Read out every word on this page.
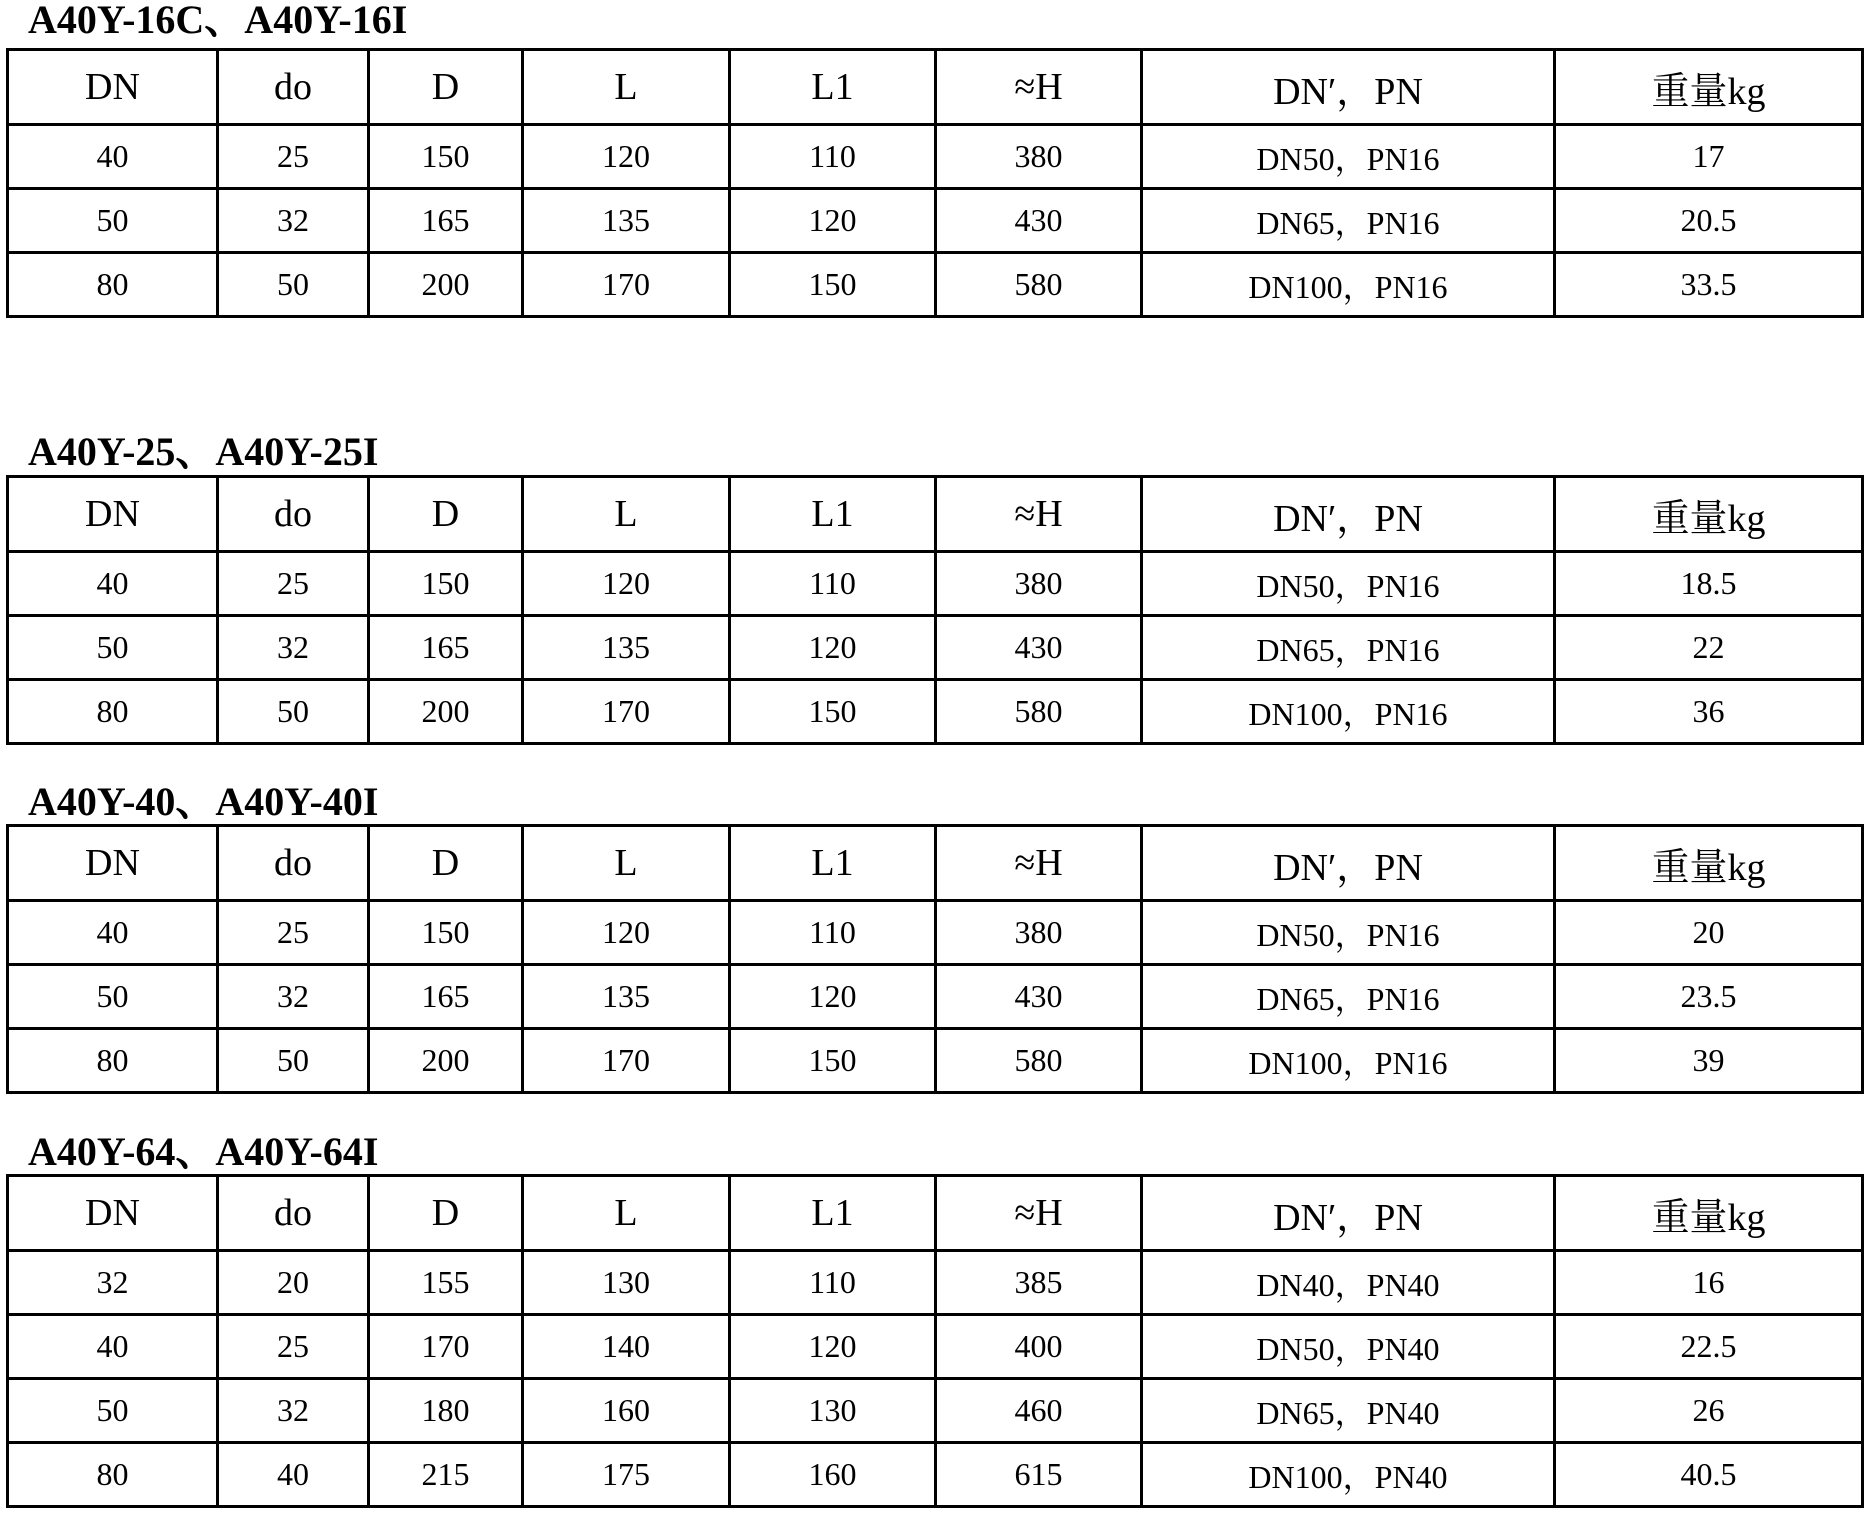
A40Y-16C、A40Y-16I
DN	do	D	L	L1	≈H	DN′，PN	重量kg
40	25	150	120	110	380	DN50，PN16	17
50	32	165	135	120	430	DN65，PN16	20.5
80	50	200	170	150	580	DN100，PN16	33.5
A40Y-25、A40Y-25I
DN	do	D	L	L1	≈H	DN′，PN	重量kg
40	25	150	120	110	380	DN50，PN16	18.5
50	32	165	135	120	430	DN65，PN16	22
80	50	200	170	150	580	DN100，PN16	36
A40Y-40、A40Y-40I
DN	do	D	L	L1	≈H	DN′，PN	重量kg
40	25	150	120	110	380	DN50，PN16	20
50	32	165	135	120	430	DN65，PN16	23.5
80	50	200	170	150	580	DN100，PN16	39
A40Y-64、A40Y-64I
DN	do	D	L	L1	≈H	DN′，PN	重量kg
32	20	155	130	110	385	DN40，PN40	16
40	25	170	140	120	400	DN50，PN40	22.5
50	32	180	160	130	460	DN65，PN40	26
80	40	215	175	160	615	DN100，PN40	40.5
